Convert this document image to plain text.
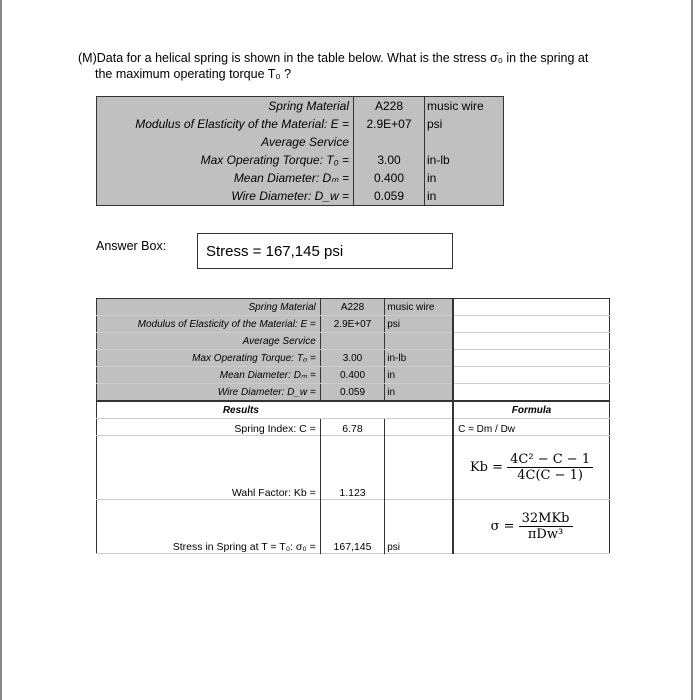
(M)Data for a helical spring is shown in the table below. What is the stress σ₀ in the spring at
the maximum operating torque T₀ ?
Spring Material	A228	music wire
Modulus of Elasticity of the Material: E =	2.9E+07	psi
Average Service		
Max Operating Torque: T₀ =	3.00	in-lb
Mean Diameter: Dₘ =	0.400	in
Wire Diameter: D_w =	0.059	in
Answer Box:	Stress = 167,145 psi
Spring Material	A228	music wire	
Modulus of Elasticity of the Material: E =	2.9E+07	psi	
Average Service			
Max Operating Torque: T₀ =	3.00	in-lb	
Mean Diameter: Dₘ =	0.400	in	
Wire Diameter: D_w =	0.059	in	
Results			Formula
Spring Index: C =	6.78		C = Dm / Dw
Wahl Factor: Kb =	1.123		$Kb = \frac{\text{4C² − C − 1}}{4C(C - 1)}$

Stress in Spring at T = T₀: σ₀ =	167,145	psi	$\sigma = \frac{\text{32MKb}}{\text{πDw³}}$
